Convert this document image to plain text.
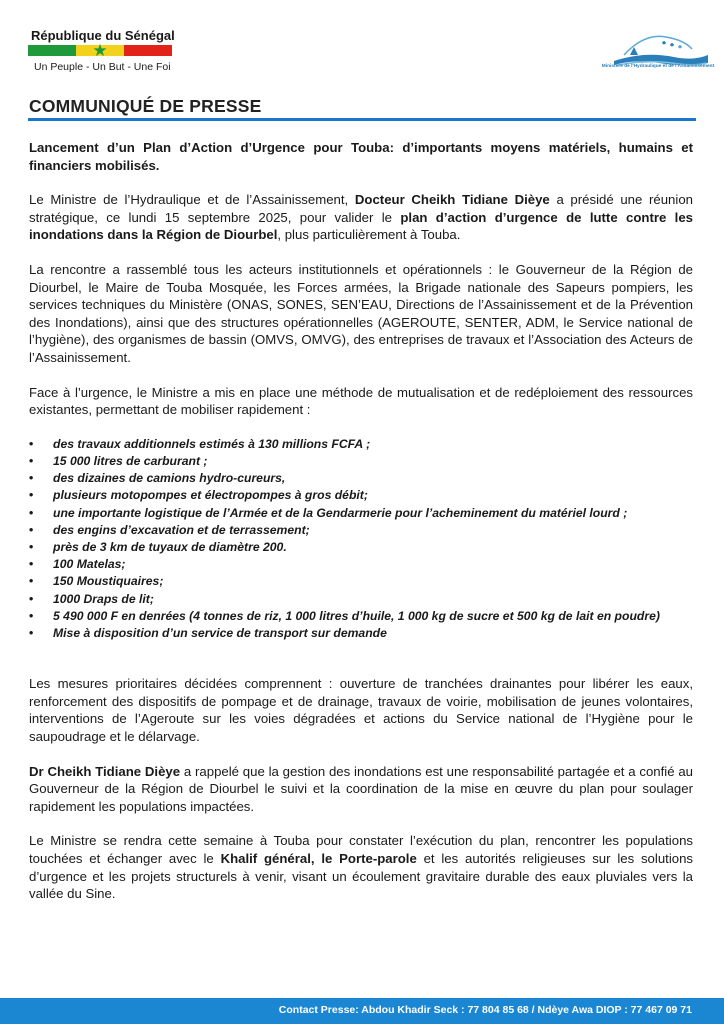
République du Sénégal
★
Un Peuple - Un But - Une Foi	Ministère de l'Hydraulique et de l'Assainissement
COMMUNIQUÉ DE PRESSE

Lancement d’un Plan d’Action d’Urgence pour Touba: d’importants moyens matériels, humains et financiers mobilisés.

Le Ministre de l’Hydraulique et de l’Assainissement, Docteur Cheikh Tidiane Dièye a présidé une réunion stratégique, ce lundi 15 septembre 2025, pour valider le plan d’action d’urgence de lutte contre les inondations dans la Région de Diourbel, plus particulièrement à Touba.

La rencontre a rassemblé tous les acteurs institutionnels et opérationnels : le Gouverneur de la Région de Diourbel, le Maire de Touba Mosquée, les Forces armées, la Brigade nationale des Sapeurs pompiers, les services techniques du Ministère (ONAS, SONES, SEN’EAU, Directions de l’Assainissement et de la Prévention des Inondations), ainsi que des structures opérationnelles (AGEROUTE, SENTER, ADM, le Service national de l’hygiène), des organismes de bassin (OMVS, OMVG), des entreprises de travaux et l’Association des Acteurs de l’Assainissement.

Face à l’urgence, le Ministre a mis en place une méthode de mutualisation et de redéploiement des ressources existantes, permettant de mobiliser rapidement :

• des travaux additionnels estimés à 130 millions FCFA ;
• 15 000 litres de carburant ;
• des dizaines de camions hydro-cureurs,
• plusieurs motopompes et électropompes à gros débit;
• une importante logistique de l’Armée et de la Gendarmerie pour l’acheminement du matériel lourd ;
• des engins d’excavation et de terrassement;
• près de 3 km de tuyaux de diamètre 200.
• 100 Matelas;
• 150 Moustiquaires;
• 1000 Draps de lit;
• 5 490 000 F en denrées (4 tonnes de riz, 1 000 litres d’huile, 1 000 kg de sucre et 500 kg de lait en poudre)
• Mise à disposition d’un service de transport sur demande

Les mesures prioritaires décidées comprennent : ouverture de tranchées drainantes pour libérer les eaux, renforcement des dispositifs de pompage et de drainage, travaux de voirie, mobilisation de jeunes volontaires, interventions de l’Ageroute sur les voies dégradées et actions du Service national de l’Hygiène pour le saupoudrage et le délarvage.

Dr Cheikh Tidiane Dièye a rappelé que la gestion des inondations est une responsabilité partagée et a confié au Gouverneur de la Région de Diourbel le suivi et la coordination de la mise en œuvre du plan pour soulager rapidement les populations impactées.

Le Ministre se rendra cette semaine à Touba pour constater l’exécution du plan, rencontrer les populations touchées et échanger avec le Khalif général, le Porte-parole et les autorités religieuses sur les solutions d’urgence et les projets structurels à venir, visant un écoulement gravitaire durable des eaux pluviales vers la vallée du Sine.

Contact Presse: Abdou Khadir Seck : 77 804 85 68 / Ndèye Awa DIOP : 77 467 09 71
